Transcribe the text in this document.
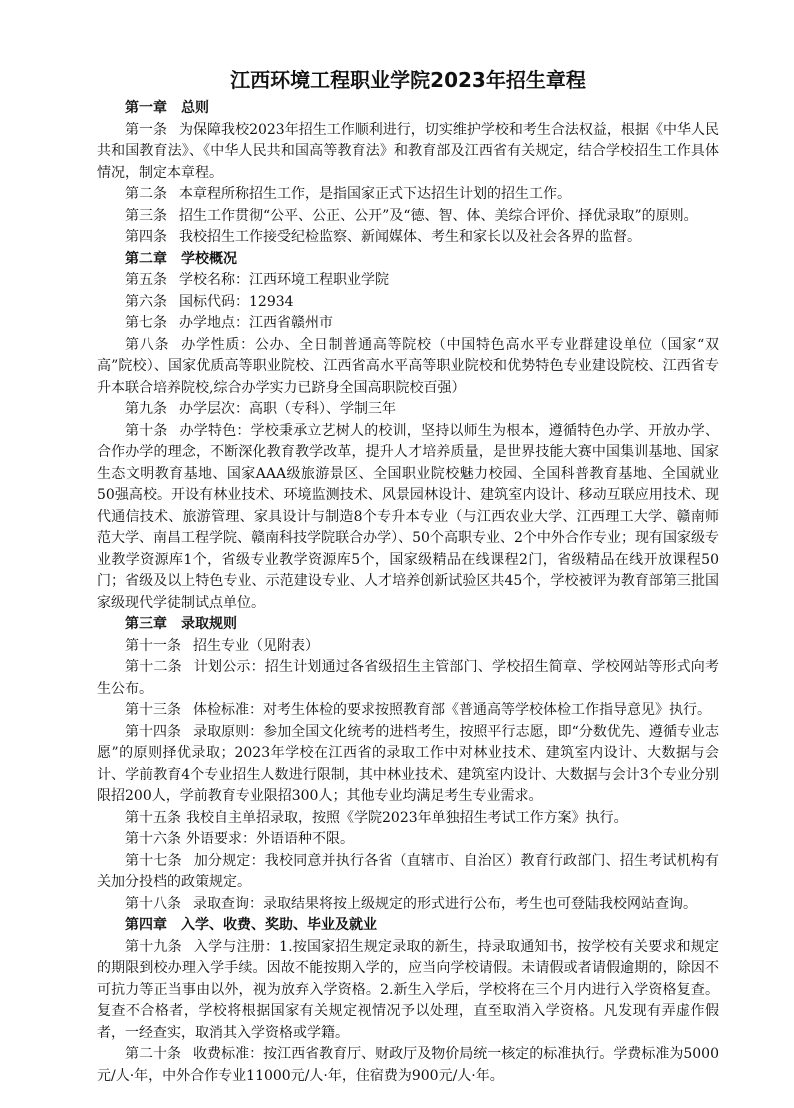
江西环境工程职业学院2023年招生章程

第一章 总则

第一条 为保障我校2023年招生工作顺利进行，切实维护学校和考生合法权益，根据《中华人民共和国教育法》、《中华人民共和国高等教育法》和教育部及江西省有关规定，结合学校招生工作具体情况，制定本章程。

第二条 本章程所称招生工作，是指国家正式下达招生计划的招生工作。

第三条 招生工作贯彻“公平、公正、公开”及“德、智、体、美综合评价、择优录取”的原则。

第四条 我校招生工作接受纪检监察、新闻媒体、考生和家长以及社会各界的监督。

第二章 学校概况

第五条 学校名称：江西环境工程职业学院

第六条 国标代码：12934

第七条 办学地点：江西省赣州市

第八条 办学性质：公办、全日制普通高等院校（中国特色高水平专业群建设单位（国家“双高”院校）、国家优质高等职业院校、江西省高水平高等职业院校和优势特色专业建设院校、江西省专升本联合培养院校,综合办学实力已跻身全国高职院校百强）

第九条 办学层次：高职（专科）、学制三年

第十条 办学特色：学校秉承立艺树人的校训，坚持以师生为根本，遵循特色办学、开放办学、合作办学的理念，不断深化教育教学改革，提升人才培养质量，是世界技能大赛中国集训基地、国家生态文明教育基地、国家AAA级旅游景区、全国职业院校魅力校园、全国科普教育基地、全国就业50强高校。开设有林业技术、环境监测技术、风景园林设计、建筑室内设计、移动互联应用技术、现代通信技术、旅游管理、家具设计与制造8个专升本专业（与江西农业大学、江西理工大学、赣南师范大学、南昌工程学院、赣南科技学院联合办学）、50个高职专业、2个中外合作专业；现有国家级专业教学资源库1个，省级专业教学资源库5个，国家级精品在线课程2门，省级精品在线开放课程50门；省级及以上特色专业、示范建设专业、人才培养创新试验区共45个，学校被评为教育部第三批国家级现代学徒制试点单位。

第三章 录取规则

第十一条 招生专业（见附表）

第十二条 计划公示：招生计划通过各省级招生主管部门、学校招生简章、学校网站等形式向考生公布。

第十三条 体检标准：对考生体检的要求按照教育部《普通高等学校体检工作指导意见》执行。

第十四条 录取原则：参加全国文化统考的进档考生，按照平行志愿，即“分数优先、遵循专业志愿”的原则择优录取；2023年学校在江西省的录取工作中对林业技术、建筑室内设计、大数据与会计、学前教育4个专业招生人数进行限制，其中林业技术、建筑室内设计、大数据与会计3个专业分别限招200人，学前教育专业限招300人；其他专业均满足考生专业需求。

第十五条 我校自主单招录取，按照《学院2023年单独招生考试工作方案》执行。

第十六条 外语要求：外语语种不限。

第十七条 加分规定：我校同意并执行各省（直辖市、自治区）教育行政部门、招生考试机构有关加分投档的政策规定。

第十八条 录取查询：录取结果将按上级规定的形式进行公布，考生也可登陆我校网站查询。

第四章 入学、收费、奖助、毕业及就业

第十九条 入学与注册：1.按国家招生规定录取的新生，持录取通知书，按学校有关要求和规定的期限到校办理入学手续。因故不能按期入学的，应当向学校请假。未请假或者请假逾期的，除因不可抗力等正当事由以外，视为放弃入学资格。2.新生入学后，学校将在三个月内进行入学资格复查。复查不合格者，学校将根据国家有关规定视情况予以处理，直至取消入学资格。凡发现有弄虚作假者，一经查实，取消其入学资格或学籍。

第二十条 收费标准：按江西省教育厅、财政厅及物价局统一核定的标准执行。学费标准为5000元/人·年，中外合作专业11000元/人·年，住宿费为900元/人·年。
